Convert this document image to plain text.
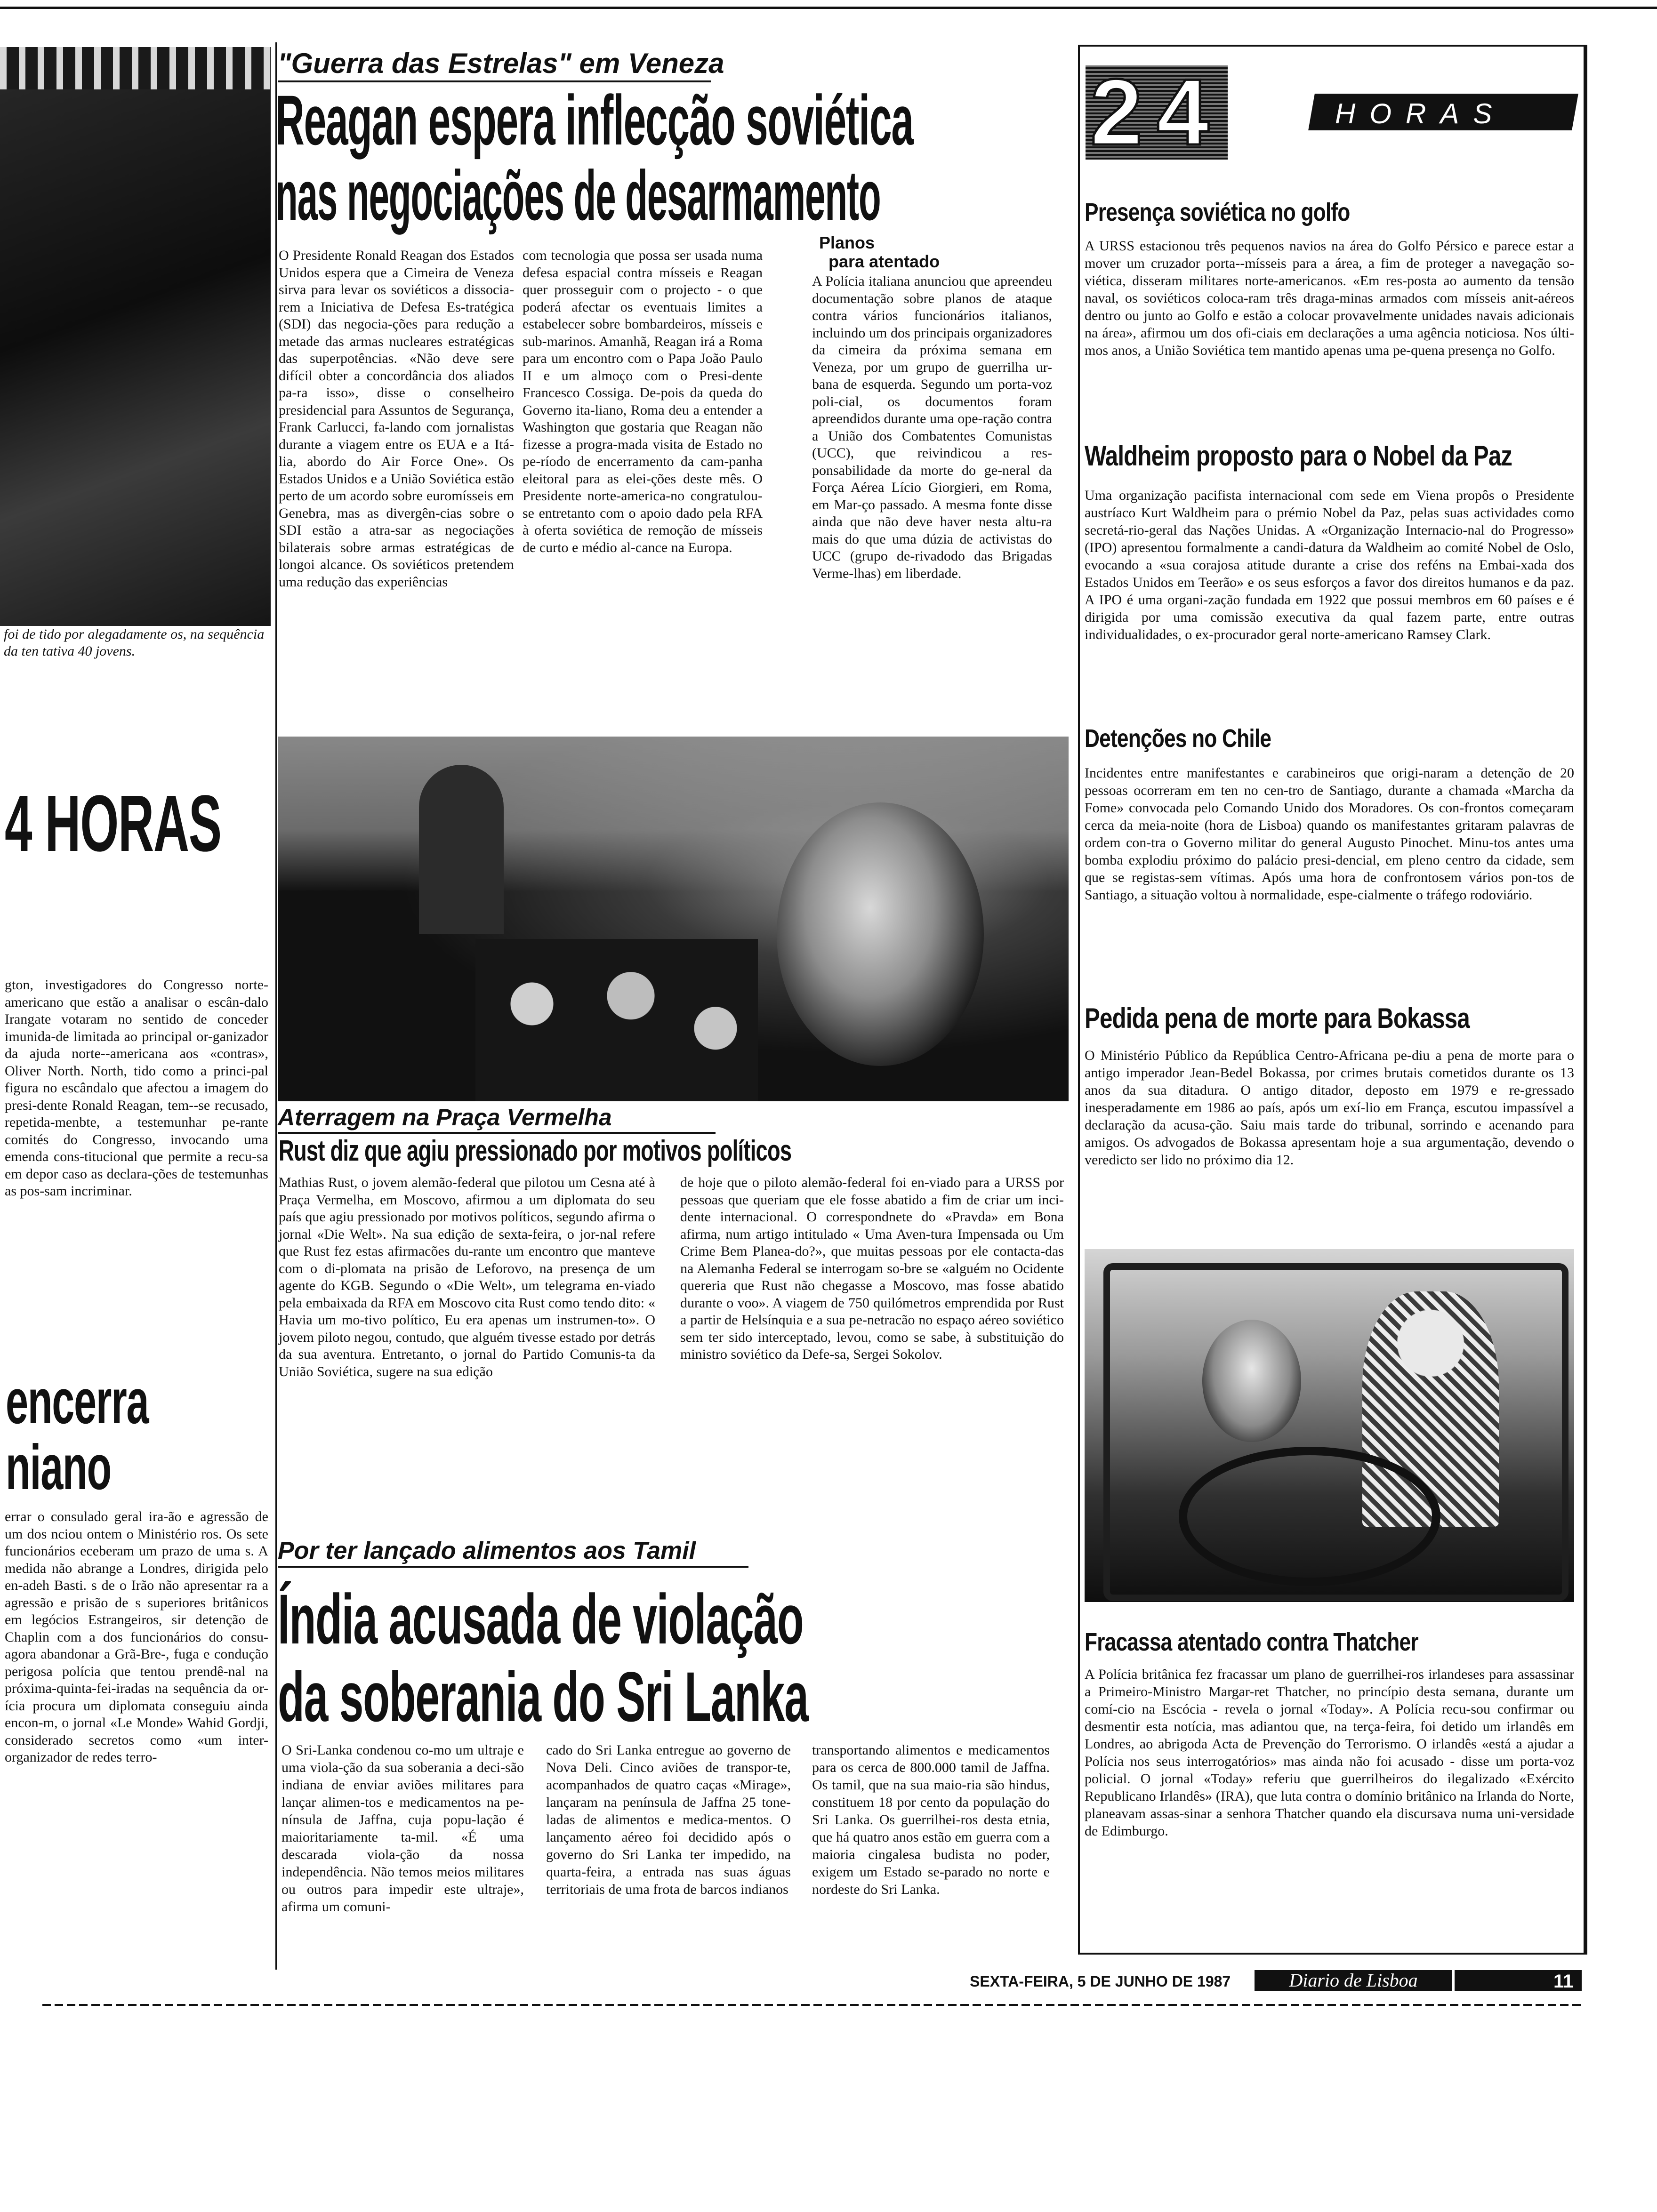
foi de tido por alegadamente os, na sequência da ten tativa 40 jovens.
4 HORAS
gton, investigadores do Congresso norte-americano que estão a analisar o escân-dalo Irangate votaram no sentido de conceder imunida-de limitada ao principal or-ganizador da ajuda norte--americana aos «contras», Oliver North. North, tido como a princi-pal figura no escândalo que afectou a imagem do presi-dente Ronald Reagan, tem--se recusado, repetida-menbte, a testemunhar pe-rante comités do Congresso, invocando uma emenda cons-titucional que permite a recu-sa em depor caso as declara-ções de testemunhas as pos-sam incriminar.
encerra
niano
errar o consulado geral ira-ão e agressão de um dos nciou ontem o Ministério ros. Os sete funcionários eceberam um prazo de uma s. A medida não abrange a Londres, dirigida pelo en-adeh Basti. s de o Irão não apresentar ra a agressão e prisão de s superiores britânicos em legócios Estrangeiros, sir detenção de Chaplin com a dos funcionários do consu-agora abandonar a Grã-Bre-, fuga e condução perigosa polícia que tentou prendê-nal na próxima-quinta-fei-iradas na sequência da or-ícia procura um diplomata conseguiu ainda encon-m, o jornal «Le Monde» Wahid Gordji, considerado secretos como «um inter-organizador de redes terro-
"Guerra das Estrelas" em Veneza
Reagan espera inflecção soviética
nas negociações de desarmamento
O Presidente Ronald Reagan dos Estados Unidos espera que a Cimeira de Veneza sirva para levar os soviéticos a dissocia-rem a Iniciativa de Defesa Es-tratégica (SDI) das negocia-ções para redução a metade das armas nucleares estratégicas das superpotências. «Não deve sere difícil obter a concordância dos aliados pa-ra isso», disse o conselheiro presidencial para Assuntos de Segurança, Frank Carlucci, fa-lando com jornalistas durante a viagem entre os EUA e a Itá-lia, abordo do Air Force One». Os Estados Unidos e a União Soviética estão perto de um acordo sobre euromísseis em Genebra, mas as divergên-cias sobre o SDI estão a atra-sar as negociações bilaterais sobre armas estratégicas de longoi alcance. Os soviéticos pretendem uma redução das experiências
com tecnologia que possa ser usada numa defesa espacial contra mísseis e Reagan quer prosseguir com o projecto - o que poderá afectar os eventuais limites a estabelecer sobre bombardeiros, mísseis e sub-marinos. Amanhã, Reagan irá a Roma para um encontro com o Papa João Paulo II e um almoço com o Presi-dente Francesco Cossiga. De-pois da queda do Governo ita-liano, Roma deu a entender a Washington que gostaria que Reagan não fizesse a progra-mada visita de Estado no pe-ríodo de encerramento da cam-panha eleitoral para as elei-ções deste mês. O Presidente norte-america-no congratulou-se entretanto com o apoio dado pela RFA à oferta soviética de remoção de mísseis de curto e médio al-cance na Europa.
Planos
para atentado
A Polícia italiana anunciou que apreendeu documentação sobre planos de ataque contra vários funcionários italianos, incluindo um dos principais organizadores da cimeira da próxima semana em Veneza, por um grupo de guerrilha ur-bana de esquerda. Segundo um porta-voz poli-cial, os documentos foram apreendidos durante uma ope-ração contra a União dos Combatentes Comunistas (UCC), que reivindicou a res-ponsabilidade da morte do ge-neral da Força Aérea Lício Giorgieri, em Roma, em Mar-ço passado. A mesma fonte disse ainda que não deve haver nesta altu-ra mais do que uma dúzia de activistas do UCC (grupo de-rivadodo das Brigadas Verme-lhas) em liberdade.
Aterragem na Praça Vermelha
Rust diz que agiu pressionado por motivos políticos
Mathias Rust, o jovem alemão-federal que pilotou um Cesna até à Praça Vermelha, em Moscovo, afirmou a um diplomata do seu país que agiu pressionado por motivos políticos, segundo afirma o jornal «Die Welt». Na sua edição de sexta-feira, o jor-nal refere que Rust fez estas afirmacões du-rante um encontro que manteve com o di-plomata na prisão de Leforovo, na presença de um agente do KGB. Segundo o «Die Welt», um telegrama en-viado pela embaixada da RFA em Moscovo cita Rust como tendo dito: « Havia um mo-tivo político, Eu era apenas um instrumen-to». O jovem piloto negou, contudo, que alguém tivesse estado por detrás da sua aventura. Entretanto, o jornal do Partido Comunis-ta da União Soviética, sugere na sua edição
de hoje que o piloto alemão-federal foi en-viado para a URSS por pessoas que queriam que ele fosse abatido a fim de criar um inci-dente internacional. O correspondnete do «Pravda» em Bona afirma, num artigo intitulado « Uma Aven-tura Impensada ou Um Crime Bem Planea-do?», que muitas pessoas por ele contacta-das na Alemanha Federal se interrogam so-bre se «alguém no Ocidente quereria que Rust não chegasse a Moscovo, mas fosse abatido durante o voo». A viagem de 750 quilómetros emprendida por Rust a partir de Helsínquia e a sua pe-netracão no espaço aéreo soviético sem ter sido interceptado, levou, como se sabe, à substituição do ministro soviético da Defe-sa, Sergei Sokolov.
Por ter lançado alimentos aos Tamil
Índia acusada de violação
da soberania do Sri Lanka
O Sri-Lanka condenou co-mo um ultraje e uma viola-ção da sua soberania a deci-são indiana de enviar aviões militares para lançar alimen-tos e medicamentos na pe-nínsula de Jaffna, cuja popu-lação é maioritariamente ta-mil. «É uma descarada viola-ção da nossa independência. Não temos meios militares ou outros para impedir este ultraje», afirma um comuni-
cado do Sri Lanka entregue ao governo de Nova Deli. Cinco aviões de transpor-te, acompanhados de quatro caças «Mirage», lançaram na península de Jaffna 25 tone-ladas de alimentos e medica-mentos. O lançamento aéreo foi decidido após o governo do Sri Lanka ter impedido, na quarta-feira, a entrada nas suas águas territoriais de uma frota de barcos indianos
transportando alimentos e medicamentos para os cerca de 800.000 tamil de Jaffna. Os tamil, que na sua maio-ria são hindus, constituem 18 por cento da população do Sri Lanka. Os guerrilhei-ros desta etnia, que há quatro anos estão em guerra com a maioria cingalesa budista no poder, exigem um Estado se-parado no norte e nordeste do Sri Lanka.
24	HORAS
Presença soviética no golfo
A URSS estacionou três pequenos navios na área do Golfo Pérsico e parece estar a mover um cruzador porta--mísseis para a área, a fim de proteger a navegação so-viética, disseram militares norte-americanos. «Em res-posta ao aumento da tensão naval, os soviéticos coloca-ram três draga-minas armados com mísseis anit-aéreos dentro ou junto ao Golfo e estão a colocar provavelmente unidades navais adicionais na área», afirmou um dos ofi-ciais em declarações a uma agência noticiosa. Nos últi-mos anos, a União Soviética tem mantido apenas uma pe-quena presença no Golfo.
Waldheim proposto para o Nobel da Paz
Uma organização pacifista internacional com sede em Viena propôs o Presidente austríaco Kurt Waldheim para o prémio Nobel da Paz, pelas suas actividades como secretá-rio-geral das Nações Unidas. A «Organização Internacio-nal do Progresso» (IPO) apresentou formalmente a candi-datura da Waldheim ao comité Nobel de Oslo, evocando a «sua corajosa atitude durante a crise dos reféns na Embai-xada dos Estados Unidos em Teerão» e os seus esforços a favor dos direitos humanos e da paz. A IPO é uma organi-zação fundada em 1922 que possui membros em 60 países e é dirigida por uma comissão executiva da qual fazem parte, entre outras individualidades, o ex-procurador geral norte-americano Ramsey Clark.
Detenções no Chile
Incidentes entre manifestantes e carabineiros que origi-naram a detenção de 20 pessoas ocorreram em ten no cen-tro de Santiago, durante a chamada «Marcha da Fome» convocada pelo Comando Unido dos Moradores. Os con-frontos começaram cerca da meia-noite (hora de Lisboa) quando os manifestantes gritaram palavras de ordem con-tra o Governo militar do general Augusto Pinochet. Minu-tos antes uma bomba explodiu próximo do palácio presi-dencial, em pleno centro da cidade, sem que se registas-sem vítimas. Após uma hora de confrontosem vários pon-tos de Santiago, a situação voltou à normalidade, espe-cialmente o tráfego rodoviário.
Pedida pena de morte para Bokassa
O Ministério Público da República Centro-Africana pe-diu a pena de morte para o antigo imperador Jean-Bedel Bokassa, por crimes brutais cometidos durante os 13 anos da sua ditadura. O antigo ditador, deposto em 1979 e re-gressado inesperadamente em 1986 ao país, após um exí-lio em França, escutou impassível a declaração da acusa-ção. Saiu mais tarde do tribunal, sorrindo e acenando para amigos. Os advogados de Bokassa apresentam hoje a sua argumentação, devendo o veredicto ser lido no próximo dia 12.
Fracassa atentado contra Thatcher
A Polícia britânica fez fracassar um plano de guerrilhei-ros irlandeses para assassinar a Primeiro-Ministro Margar-ret Thatcher, no princípio desta semana, durante um comí-cio na Escócia - revela o jornal «Today». A Polícia recu-sou confirmar ou desmentir esta notícia, mas adiantou que, na terça-feira, foi detido um irlandês em Londres, ao abrigoda Acta de Prevenção do Terrorismo. O irlandês «está a ajudar a Polícia nos seus interrogatórios» mas ainda não foi acusado - disse um porta-voz policial. O jornal «Today» referiu que guerrilheiros do ilegalizado «Exército Republicano Irlandês» (IRA), que luta contra o domínio britânico na Irlanda do Norte, planeavam assas-sinar a senhora Thatcher quando ela discursava numa uni-versidade de Edimburgo.
SEXTA-FEIRA, 5 DE JUNHO DE 1987	Diario de Lisboa	11
